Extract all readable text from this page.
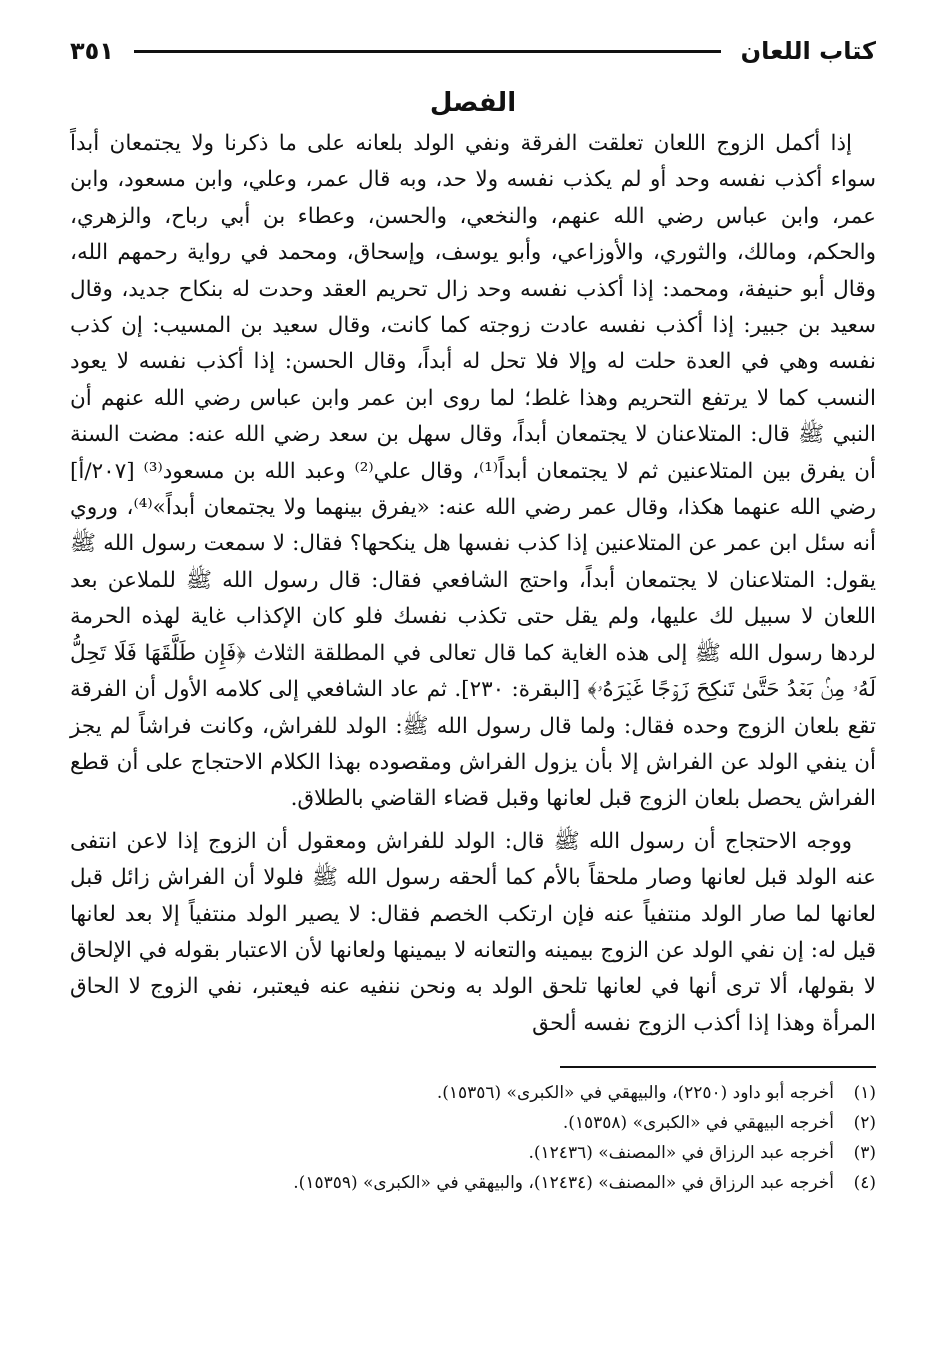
كتاب اللعان
٣٥١
الفصل

إذا أكمل الزوج اللعان تعلقت الفرقة ونفي الولد بلعانه على ما ذكرنا ولا يجتمعان أبداً سواء أكذب نفسه وحد أو لم يكذب نفسه ولا حد، وبه قال عمر، وعلي، وابن مسعود، وابن عمر، وابن عباس رضي الله عنهم، والنخعي، والحسن، وعطاء بن أبي رباح، والزهري، والحكم، ومالك، والثوري، والأوزاعي، وأبو يوسف، وإسحاق، ومحمد في رواية رحمهم الله، وقال أبو حنيفة، ومحمد: إذا أكذب نفسه وحد زال تحريم العقد وحدت له بنكاح جديد، وقال سعيد بن جبير: إذا أكذب نفسه عادت زوجته كما كانت، وقال سعيد بن المسيب: إن كذب نفسه وهي في العدة حلت له وإلا فلا تحل له أبداً، وقال الحسن: إذا أكذب نفسه لا يعود النسب كما لا يرتفع التحريم وهذا غلط؛ لما روى ابن عمر وابن عباس رضي الله عنهم أن النبي ﷺ قال: المتلاعنان لا يجتمعان أبداً، وقال سهل بن سعد رضي الله عنه: مضت السنة أن يفرق بين المتلاعنين ثم لا يجتمعان أبداً⁽¹⁾، وقال علي⁽²⁾ وعبد الله بن مسعود⁽³⁾ [٢٠٧/أ] رضي الله عنهما هكذا، وقال عمر رضي الله عنه: «يفرق بينهما ولا يجتمعان أبداً»⁽⁴⁾، وروي أنه سئل ابن عمر عن المتلاعنين إذا كذب نفسها هل ينكحها؟ فقال: لا سمعت رسول الله ﷺ يقول: المتلاعنان لا يجتمعان أبداً، واحتج الشافعي فقال: قال رسول الله ﷺ للملاعن بعد اللعان لا سبيل لك عليها، ولم يقل حتى تكذب نفسك فلو كان الإكذاب غاية لهذه الحرمة لردها رسول الله ﷺ إلى هذه الغاية كما قال تعالى في المطلقة الثلاث ﴿فَإِن طَلَّقَهَا فَلَا تَحِلُّ لَهُۥ مِنۢ بَعۡدُ حَتَّىٰ تَنكِحَ زَوۡجًا غَيۡرَهُۥ﴾ [البقرة: ٢٣٠]. ثم عاد الشافعي إلى كلامه الأول أن الفرقة تقع بلعان الزوج وحده فقال: ولما قال رسول الله ﷺ: الولد للفراش، وكانت فراشاً لم يجز أن ينفي الولد عن الفراش إلا بأن يزول الفراش ومقصوده بهذا الكلام الاحتجاج على أن قطع الفراش يحصل بلعان الزوج قبل لعانها وقبل قضاء القاضي بالطلاق.

ووجه الاحتجاج أن رسول الله ﷺ قال: الولد للفراش ومعقول أن الزوج إذا لاعن انتفى عنه الولد قبل لعانها وصار ملحقاً بالأم كما ألحقه رسول الله ﷺ فلولا أن الفراش زائل قبل لعانها لما صار الولد منتفياً عنه فإن ارتكب الخصم فقال: لا يصير الولد منتفياً إلا بعد لعانها قيل له: إن نفي الولد عن الزوج بيمينه والتعانه لا بيمينها ولعانها لأن الاعتبار بقوله في الإلحاق لا بقولها، ألا ترى أنها في لعانها تلحق الولد به ونحن ننفيه عنه فيعتبر، نفي الزوج لا الحاق المرأة وهذا إذا أكذب الزوج نفسه ألحق

(١)
أخرجه أبو داود (٢٢٥٠)، والبيهقي في «الكبرى» (١٥٣٥٦).
(٢)
أخرجه البيهقي في «الكبرى» (١٥٣٥٨).
(٣)
أخرجه عبد الرزاق في «المصنف» (١٢٤٣٦).
(٤)
أخرجه عبد الرزاق في «المصنف» (١٢٤٣٤)، والبيهقي في «الكبرى» (١٥٣٥٩).
